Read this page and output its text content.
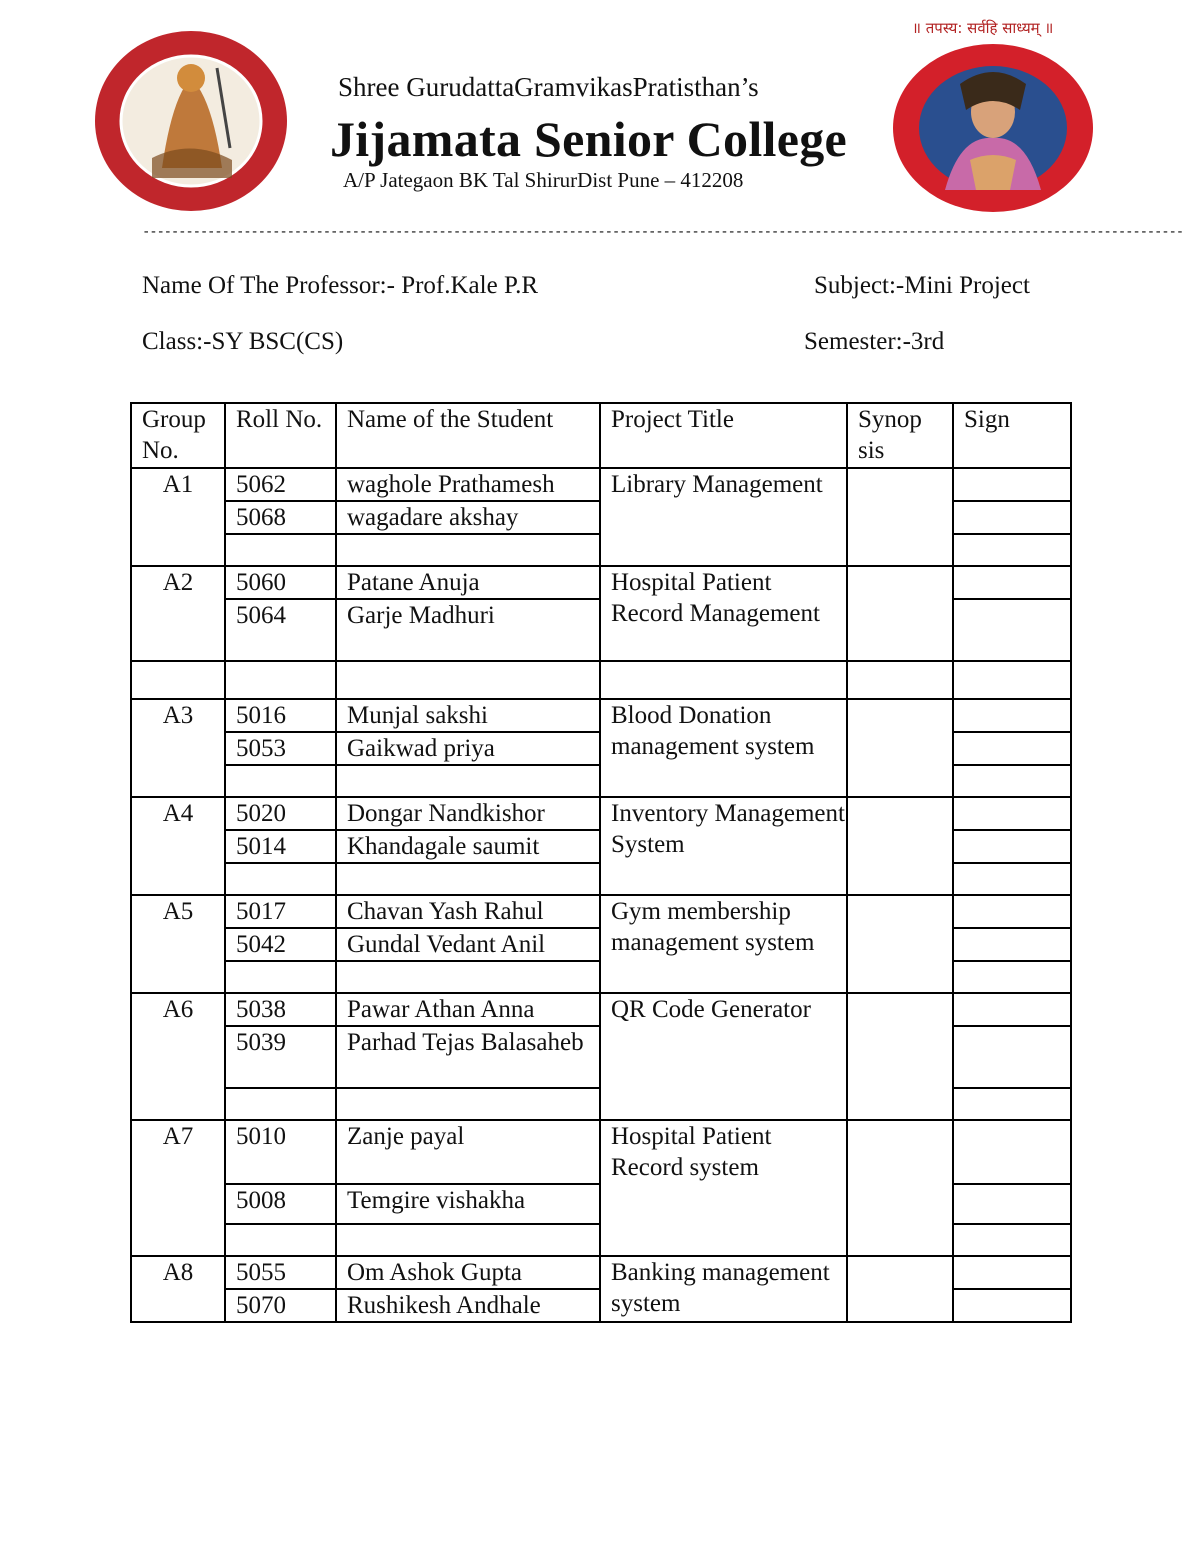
॥ तपस्य: सर्वहि साध्यम् ॥
Shree GurudattaGramvikasPratisthan’s
Jijamata Senior College
A/P Jategaon BK Tal ShirurDist Pune – 412208
------------------------------------------------------------------------------------------------------------------------------------------------
Name Of The Professor:- Prof.Kale P.R	Subject:-Mini Project
Class:-SY BSC(CS)	Semester:-3rd
Group No.	Roll No.	Name of the Student	Project Title	Synop sis	Sign
A1	5062	waghole Prathamesh	Library Management		
	5068	wagadare akshay			

A2	5060	Patane Anuja	Hospital Patient Record Management		
	5064	Garje Madhuri			

A3	5016	Munjal sakshi	Blood Donation management system		
	5053	Gaikwad priya			

A4	5020	Dongar Nandkishor	Inventory Management System		
	5014	Khandagale saumit			

A5	5017	Chavan Yash Rahul	Gym membership management system		
	5042	Gundal Vedant Anil			

A6	5038	Pawar Athan Anna	QR Code Generator		
	5039	Parhad Tejas Balasaheb			

A7	5010	Zanje payal	Hospital Patient Record system		
	5008	Temgire vishakha			

A8	5055	Om Ashok Gupta	Banking management system		
	5070	Rushikesh Andhale			
